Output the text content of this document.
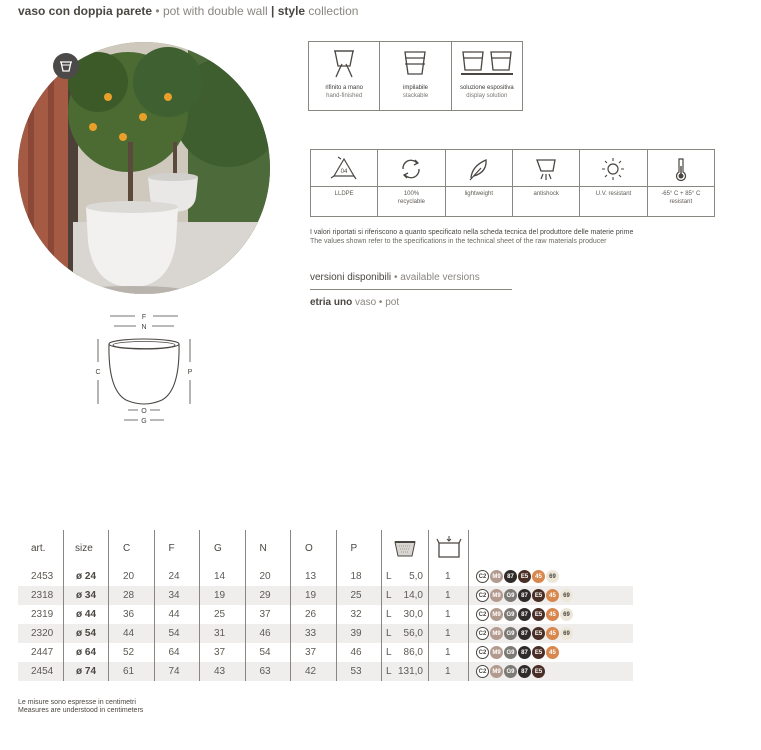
vaso con doppia parete • pot with double wall | style collection
rifinito a mano
hand-finished
impilabile
stackable
soluzione espositiva
display solution
04
LLDPE	100%
recyclable
lightweight	antishock	U.V. resistant	-65° C + 85° C
resistant
I valori riportati si riferiscono a quanto specificato nella scheda tecnica del produttore delle materie prime
The values shown refer to the specifications in the technical sheet of the raw materials producer
versioni disponibili • available versions
etria uno vaso • pot
F
N
C	P
O
G
art.	size	C	F	G	N	O	P
2453	ø 24	20	24	14	20	13	18	L 5,0	1	C2	M9	87	E5	45	69
2318	ø 34	28	34	19	29	19	25	L 14,0	1	C2	M9 G9	87	E5	45	69
2319	ø 44	36	44	25	37	26	32	L 30,0	1	C2	M9 G9	87	E5	45	69
2320	ø 54	44	54	31	46	33	39	L 56,0	1	C2	M9 G9	87	E5	45	69
2447	ø 64	52	64	37	54	37	46	L 86,0	1	C2	M9 G9	87	E5	45
2454	ø 74	61	74	43	63	42	53	L 131,0	1	C2	M9 G9	87	E5
Le misure sono espresse in centimetri
Measures are understood in centimeters
